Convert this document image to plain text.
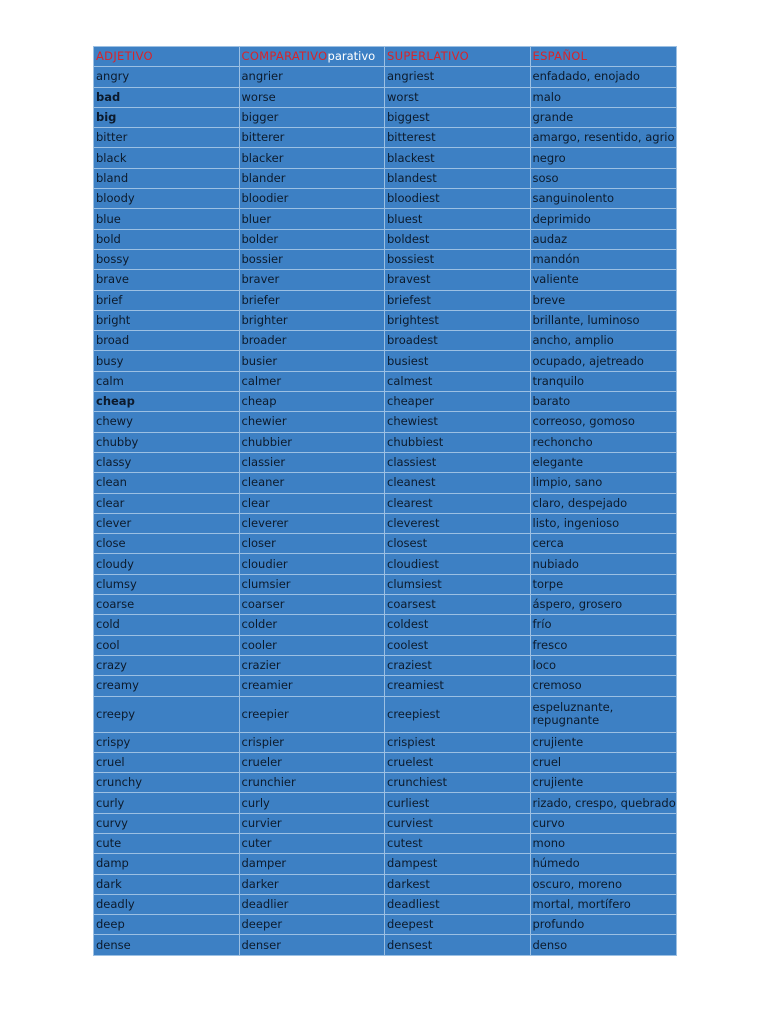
ADJETIVO	COMPARATIVOparativo	SUPERLATIVO	ESPAÑOL
angry	angrier	angriest	enfadado, enojado
bad	worse	worst	malo
big	bigger	biggest	grande
bitter	bitterer	bitterest	amargo, resentido, agrio
black	blacker	blackest	negro
bland	blander	blandest	soso
bloody	bloodier	bloodiest	sanguinolento
blue	bluer	bluest	deprimido
bold	bolder	boldest	audaz
bossy	bossier	bossiest	mandón
brave	braver	bravest	valiente
brief	briefer	briefest	breve
bright	brighter	brightest	brillante, luminoso
broad	broader	broadest	ancho, amplio
busy	busier	busiest	ocupado, ajetreado
calm	calmer	calmest	tranquilo
cheap	cheap	cheaper	barato
chewy	chewier	chewiest	correoso, gomoso
chubby	chubbier	chubbiest	rechoncho
classy	classier	classiest	elegante
clean	cleaner	cleanest	limpio, sano
clear	clear	clearest	claro, despejado
clever	cleverer	cleverest	listo, ingenioso
close	closer	closest	cerca
cloudy	cloudier	cloudiest	nubiado
clumsy	clumsier	clumsiest	torpe
coarse	coarser	coarsest	áspero, grosero
cold	colder	coldest	frío
cool	cooler	coolest	fresco
crazy	crazier	craziest	loco
creamy	creamier	creamiest	cremoso
creepy	creepier	creepiest	espeluznante, repugnante
crispy	crispier	crispiest	crujiente
cruel	crueler	cruelest	cruel
crunchy	crunchier	crunchiest	crujiente
curly	curly	curliest	rizado, crespo, quebrado
curvy	curvier	curviest	curvo
cute	cuter	cutest	mono
damp	damper	dampest	húmedo
dark	darker	darkest	oscuro, moreno
deadly	deadlier	deadliest	mortal, mortífero
deep	deeper	deepest	profundo
dense	denser	densest	denso
